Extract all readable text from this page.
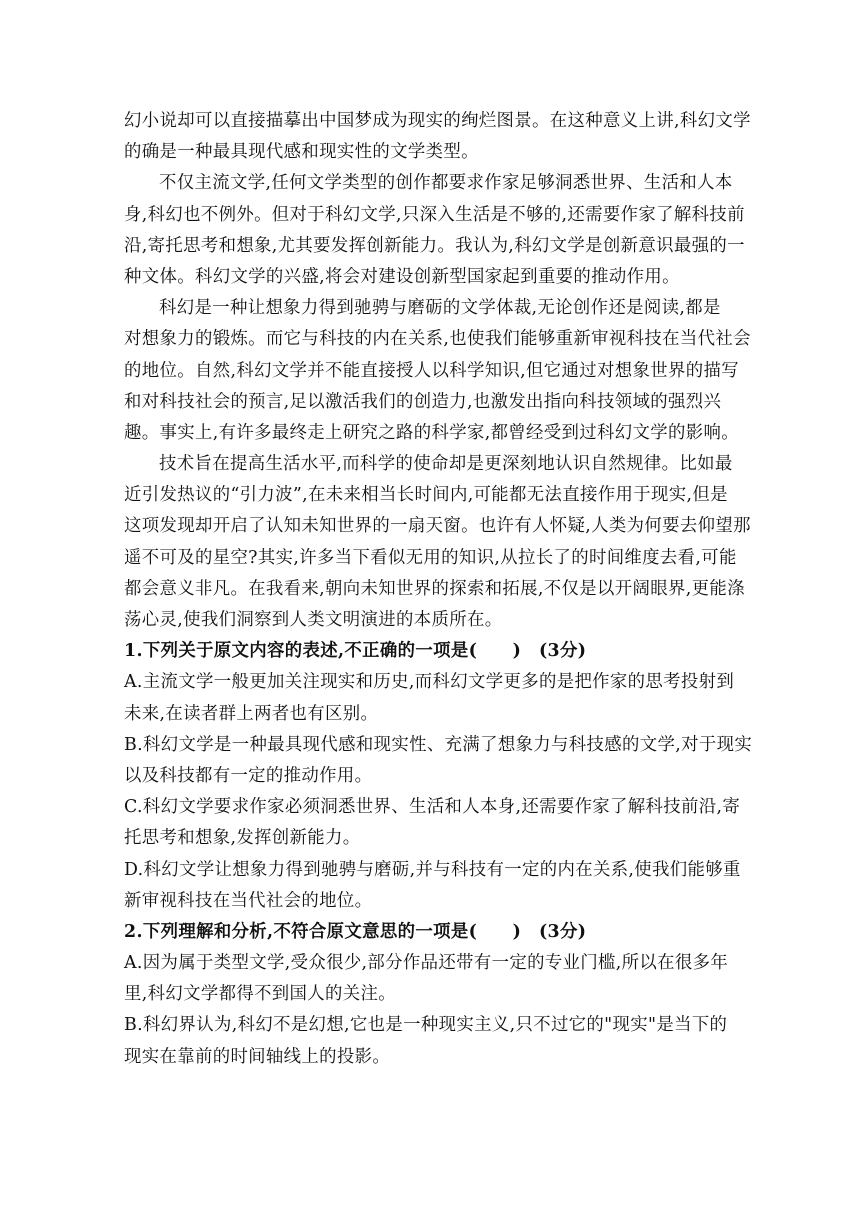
幻小说却可以直接描摹出中国梦成为现实的绚烂图景。在这种意义上讲,科幻文学
的确是一种最具现代感和现实性的文学类型。
不仅主流文学,任何文学类型的创作都要求作家足够洞悉世界、生活和人本
身,科幻也不例外。但对于科幻文学,只深入生活是不够的,还需要作家了解科技前
沿,寄托思考和想象,尤其要发挥创新能力。我认为,科幻文学是创新意识最强的一
种文体。科幻文学的兴盛,将会对建设创新型国家起到重要的推动作用。
科幻是一种让想象力得到驰骋与磨砺的文学体裁,无论创作还是阅读,都是
对想象力的锻炼。而它与科技的内在关系,也使我们能够重新审视科技在当代社会
的地位。自然,科幻文学并不能直接授人以科学知识,但它通过对想象世界的描写
和对科技社会的预言,足以激活我们的创造力,也激发出指向科技领域的强烈兴
趣。事实上,有许多最终走上研究之路的科学家,都曾经受到过科幻文学的影响。
技术旨在提高生活水平,而科学的使命却是更深刻地认识自然规律。比如最
近引发热议的“引力波”,在未来相当长时间内,可能都无法直接作用于现实,但是
这项发现却开启了认知未知世界的一扇天窗。也许有人怀疑,人类为何要去仰望那
遥不可及的星空?其实,许多当下看似无用的知识,从拉长了的时间维度去看,可能
都会意义非凡。在我看来,朝向未知世界的探索和拓展,不仅是以开阔眼界,更能涤
荡心灵,使我们洞察到人类文明演进的本质所在。
1.下列关于原文内容的表述,不正确的一项是(　　)　(3分)
A.主流文学一般更加关注现实和历史,而科幻文学更多的是把作家的思考投射到
未来,在读者群上两者也有区别。
B.科幻文学是一种最具现代感和现实性、充满了想象力与科技感的文学,对于现实
以及科技都有一定的推动作用。
C.科幻文学要求作家必须洞悉世界、生活和人本身,还需要作家了解科技前沿,寄
托思考和想象,发挥创新能力。
D.科幻文学让想象力得到驰骋与磨砺,并与科技有一定的内在关系,使我们能够重
新审视科技在当代社会的地位。
2.下列理解和分析,不符合原文意思的一项是(　　)　(3分)
A.因为属于类型文学,受众很少,部分作品还带有一定的专业门槛,所以在很多年
里,科幻文学都得不到国人的关注。
B.科幻界认为,科幻不是幻想,它也是一种现实主义,只不过它的"现实"是当下的
现实在靠前的时间轴线上的投影。
